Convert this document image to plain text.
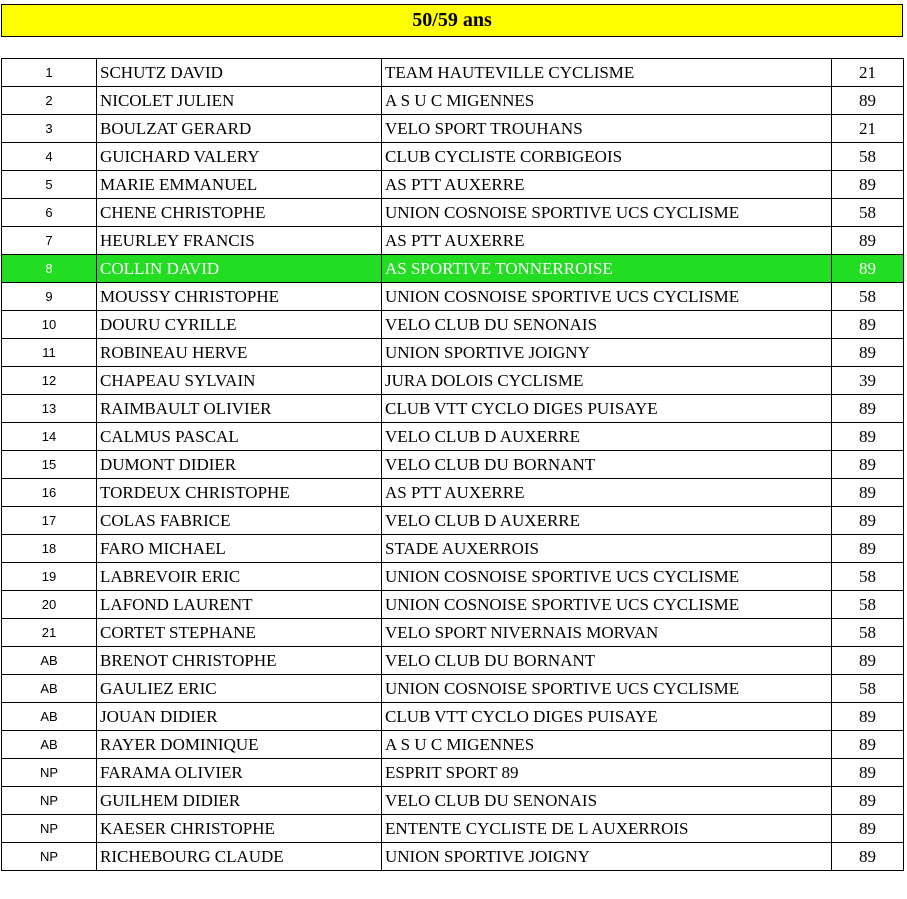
50/59 ans
1	SCHUTZ DAVID	TEAM HAUTEVILLE CYCLISME	21
2	NICOLET JULIEN	A S U C MIGENNES	89
3	BOULZAT GERARD	VELO SPORT TROUHANS	21
4	GUICHARD VALERY	CLUB CYCLISTE CORBIGEOIS	58
5	MARIE EMMANUEL	AS PTT AUXERRE	89
6	CHENE CHRISTOPHE	UNION COSNOISE SPORTIVE UCS CYCLISME	58
7	HEURLEY FRANCIS	AS PTT AUXERRE	89
8	COLLIN DAVID	AS SPORTIVE TONNERROISE	89
9	MOUSSY CHRISTOPHE	UNION COSNOISE SPORTIVE UCS CYCLISME	58
10	DOURU CYRILLE	VELO CLUB DU SENONAIS	89
11	ROBINEAU HERVE	UNION SPORTIVE JOIGNY	89
12	CHAPEAU SYLVAIN	JURA DOLOIS CYCLISME	39
13	RAIMBAULT OLIVIER	CLUB VTT CYCLO DIGES PUISAYE	89
14	CALMUS PASCAL	VELO CLUB D AUXERRE	89
15	DUMONT DIDIER	VELO CLUB DU BORNANT	89
16	TORDEUX CHRISTOPHE	AS PTT AUXERRE	89
17	COLAS FABRICE	VELO CLUB D AUXERRE	89
18	FARO MICHAEL	STADE AUXERROIS	89
19	LABREVOIR ERIC	UNION COSNOISE SPORTIVE UCS CYCLISME	58
20	LAFOND LAURENT	UNION COSNOISE SPORTIVE UCS CYCLISME	58
21	CORTET STEPHANE	VELO SPORT NIVERNAIS MORVAN	58
AB	BRENOT CHRISTOPHE	VELO CLUB DU BORNANT	89
AB	GAULIEZ ERIC	UNION COSNOISE SPORTIVE UCS CYCLISME	58
AB	JOUAN DIDIER	CLUB VTT CYCLO DIGES PUISAYE	89
AB	RAYER DOMINIQUE	A S U C MIGENNES	89
NP	FARAMA OLIVIER	ESPRIT SPORT 89	89
NP	GUILHEM DIDIER	VELO CLUB DU SENONAIS	89
NP	KAESER CHRISTOPHE	ENTENTE CYCLISTE DE L AUXERROIS	89
NP	RICHEBOURG CLAUDE	UNION SPORTIVE JOIGNY	89
